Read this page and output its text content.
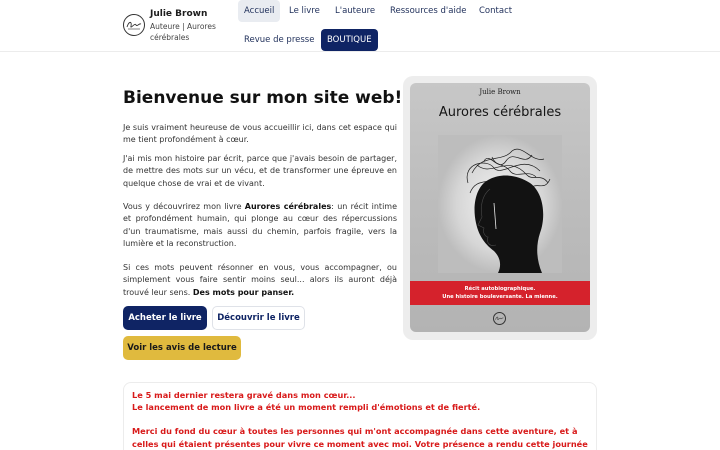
Julie Brown
Auteure | Aurores cérébrales
Accueil	Le livre	L'auteure	Ressources d'aide	Contact
Revue de presse	BOUTIQUE
Bienvenue sur mon site web!

Je suis vraiment heureuse de vous accueillir ici, dans cet espace qui me tient profondément à cœur.

J'ai mis mon histoire par écrit, parce que j'avais besoin de partager, de mettre des mots sur un vécu, et de transformer une épreuve en quelque chose de vrai et de vivant.

Vous y découvrirez mon livre Aurores cérébrales: un récit intime et profondément humain, qui plonge au cœur des répercussions d'un traumatisme, mais aussi du chemin, parfois fragile, vers la lumière et la reconstruction.

Si ces mots peuvent résonner en vous, vous accompagner, ou simplement vous faire sentir moins seul... alors ils auront déjà trouvé leur sens. Des mots pour panser.

Acheter le livre	Découvrir le livre
Voir les avis de lecture
Julie Brown
Aurores cérébrales
Récit autobiographique.
Une histoire bouleversante. La mienne.
Le 5 mai dernier restera gravé dans mon cœur...
Le lancement de mon livre a été un moment rempli d'émotions et de fierté.
Merci du fond du cœur à toutes les personnes qui m'ont accompagnée dans cette aventure, et à
celles qui étaient présentes pour vivre ce moment avec moi. Votre présence a rendu cette journée
